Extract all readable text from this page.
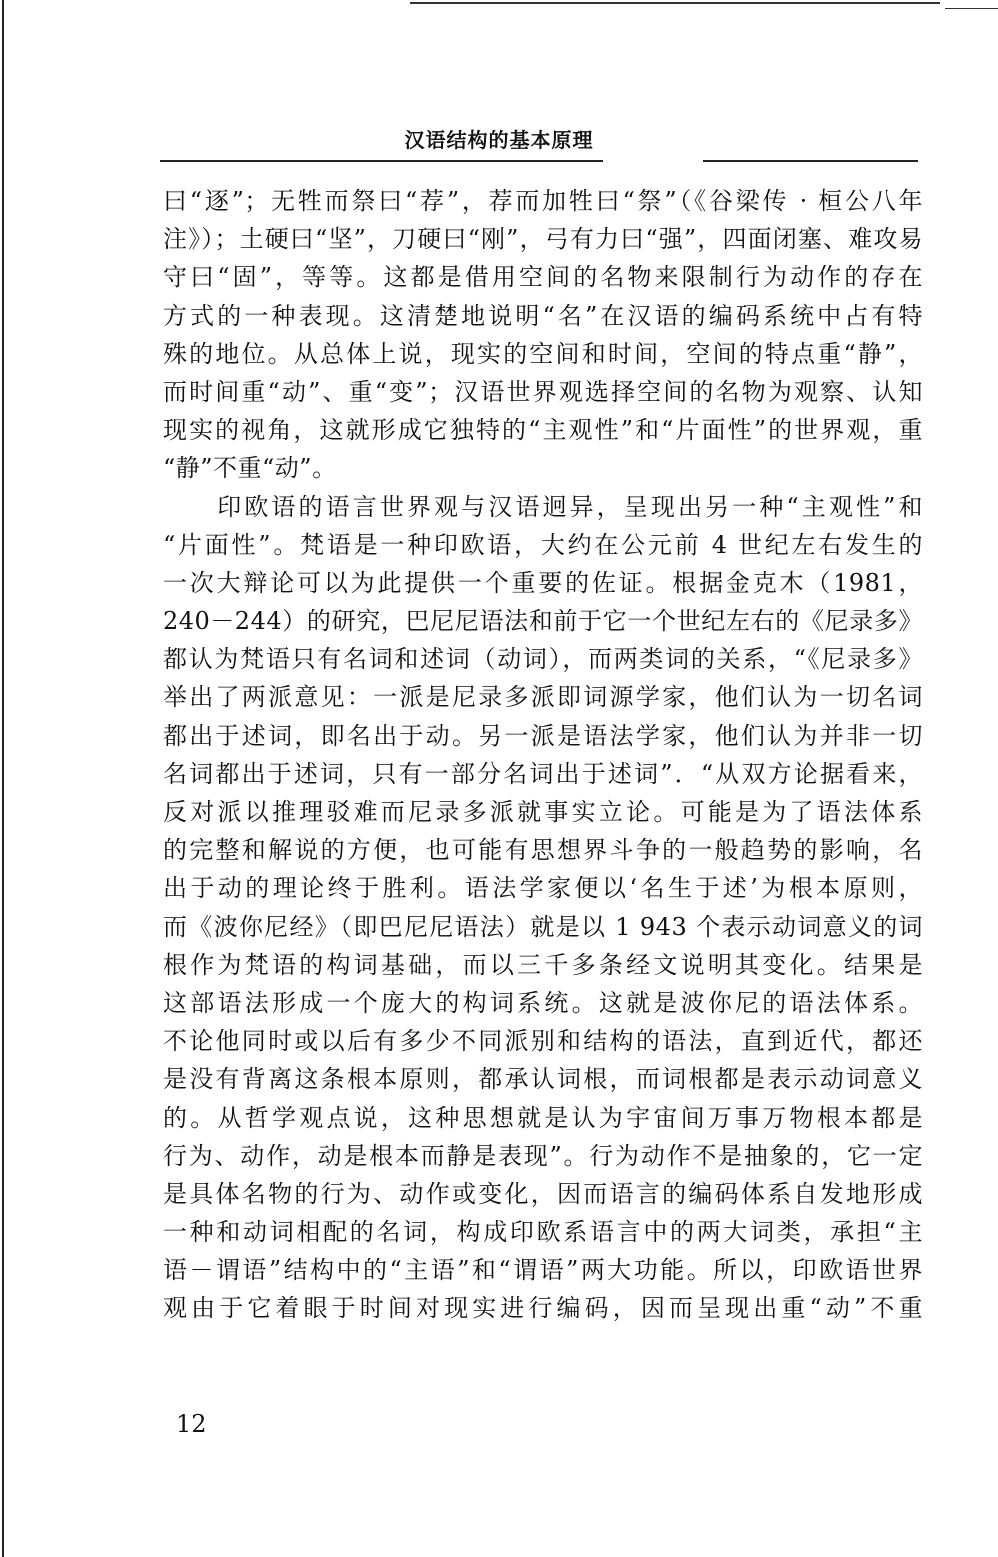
汉语结构的基本原理
曰“逐”；无牲而祭曰“荐”，荐而加牲曰“祭”（《谷梁传 · 桓公八年
注》）；土硬曰“坚”，刀硬曰“刚”，弓有力曰“强”，四面闭塞、难攻易
守曰“固”，等等。这都是借用空间的名物来限制行为动作的存在
方式的一种表现。这清楚地说明“名”在汉语的编码系统中占有特
殊的地位。从总体上说，现实的空间和时间，空间的特点重“静”，
而时间重“动”、重“变”；汉语世界观选择空间的名物为观察、认知
现实的视角，这就形成它独特的“主观性”和“片面性”的世界观，重
“静”不重“动”。
　　印欧语的语言世界观与汉语迥异，呈现出另一种“主观性”和
“片面性”。梵语是一种印欧语，大约在公元前 4 世纪左右发生的
一次大辩论可以为此提供一个重要的佐证。根据金克木（1981，
240－244）的研究，巴尼尼语法和前于它一个世纪左右的《尼录多》
都认为梵语只有名词和述词（动词），而两类词的关系，“《尼录多》
举出了两派意见：一派是尼录多派即词源学家，他们认为一切名词
都出于述词，即名出于动。另一派是语法学家，他们认为并非一切
名词都出于述词，只有一部分名词出于述词”．“从双方论据看来，
反对派以推理驳难而尼录多派就事实立论。可能是为了语法体系
的完整和解说的方便，也可能有思想界斗争的一般趋势的影响，名
出于动的理论终于胜利。语法学家便以‘名生于述’为根本原则，
而《波你尼经》（即巴尼尼语法）就是以 1 943 个表示动词意义的词
根作为梵语的构词基础，而以三千多条经文说明其变化。结果是
这部语法形成一个庞大的构词系统。这就是波你尼的语法体系。
不论他同时或以后有多少不同派别和结构的语法，直到近代，都还
是没有背离这条根本原则，都承认词根，而词根都是表示动词意义
的。从哲学观点说，这种思想就是认为宇宙间万事万物根本都是
行为、动作，动是根本而静是表现”。行为动作不是抽象的，它一定
是具体名物的行为、动作或变化，因而语言的编码体系自发地形成
一种和动词相配的名词，构成印欧系语言中的两大词类，承担“主
语－谓语”结构中的“主语”和“谓语”两大功能。所以，印欧语世界
观由于它着眼于时间对现实进行编码，因而呈现出重“动”不重
12
